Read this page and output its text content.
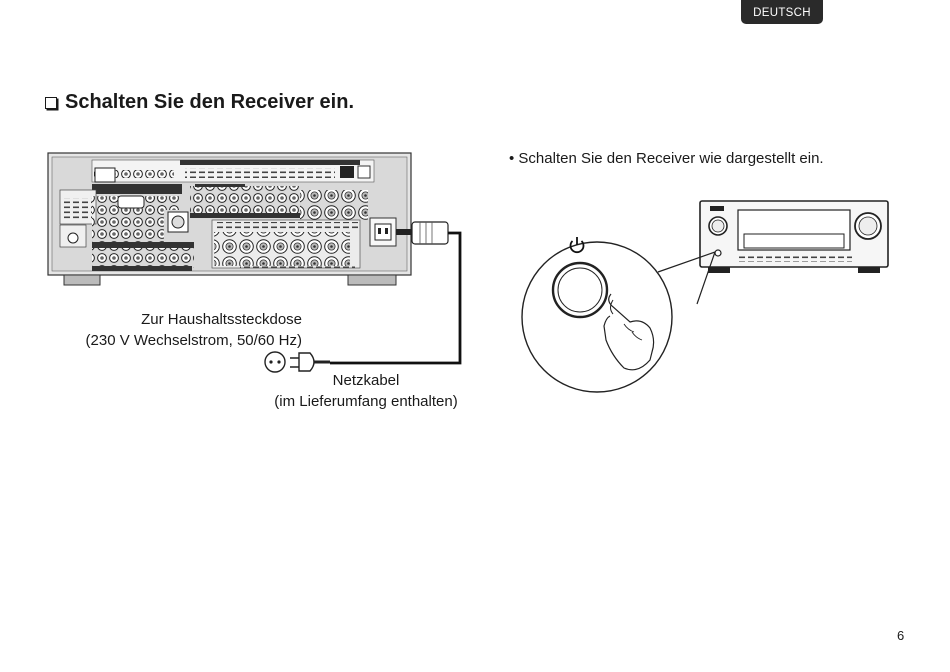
DEUTSCH
Schalten Sie den Receiver ein.
• Schalten Sie den Receiver wie dargestellt ein.
Zur Haushaltssteckdose
(230 V Wechselstrom, 50/60 Hz)
Netzkabel
(im Lieferumfang enthalten)
6
